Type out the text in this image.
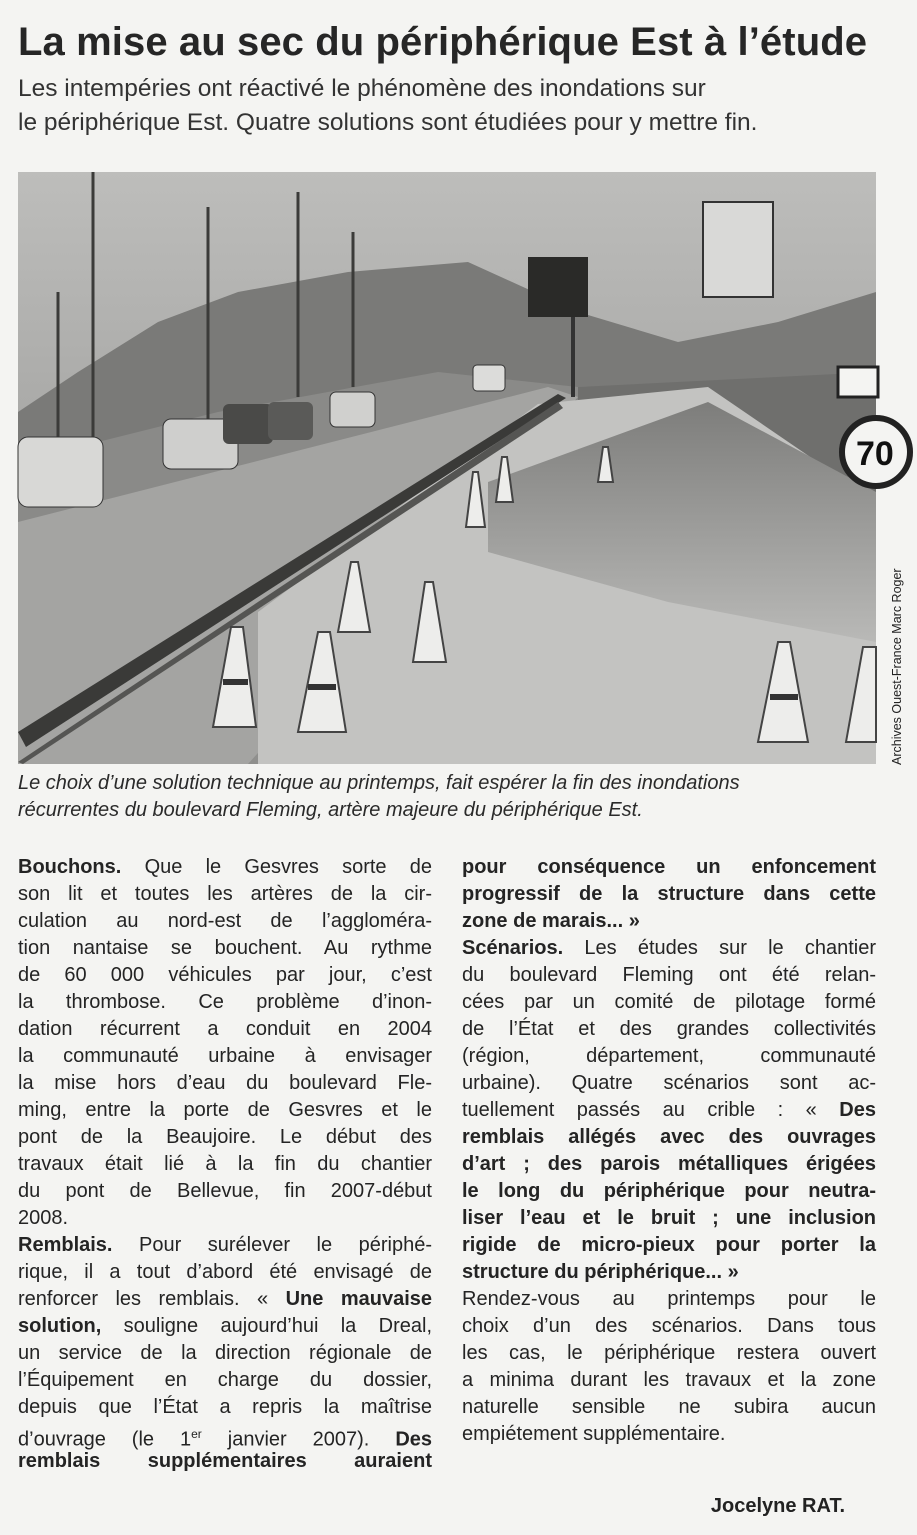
La mise au sec du périphérique Est à l’étude
Les intempéries ont réactivé le phénomène des inondations sur
le périphérique Est. Quatre solutions sont étudiées pour y mettre fin.
70
Archives Ouest-France Marc Roger
Le choix d’une solution technique au printemps, fait espérer la fin des inondations
récurrentes du boulevard Fleming, artère majeure du périphérique Est.
Bouchons. Que le Gesvres sorte de
son lit et toutes les artères de la cir-
culation au nord-est de l’aggloméra-
tion nantaise se bouchent. Au rythme
de 60 000 véhicules par jour, c’est
la thrombose. Ce problème d’inon-
dation récurrent a conduit en 2004
la communauté urbaine à envisager
la mise hors d’eau du boulevard Fle-
ming, entre la porte de Gesvres et le
pont de la Beaujoire. Le début des
travaux était lié à la fin du chantier
du pont de Bellevue, fin 2007-début
2008.
Remblais. Pour surélever le périphé-
rique, il a tout d’abord été envisagé de
renforcer les remblais. « Une mauvaise
solution, souligne aujourd’hui la Dreal,
un service de la direction régionale de
l’Équipement en charge du dossier,
depuis que l’État a repris la maîtrise
d’ouvrage (le 1er janvier 2007). Des
remblais supplémentaires auraient
pour conséquence un enfoncement
progressif de la structure dans cette
zone de marais... »
Scénarios. Les études sur le chantier
du boulevard Fleming ont été relan-
cées par un comité de pilotage formé
de l’État et des grandes collectivités
(région, département, communauté
urbaine). Quatre scénarios sont ac-
tuellement passés au crible : « Des
remblais allégés avec des ouvrages
d’art ; des parois métalliques érigées
le long du périphérique pour neutra-
liser l’eau et le bruit ; une inclusion
rigide de micro-pieux pour porter la
structure du périphérique... »
Rendez-vous au printemps pour le
choix d’un des scénarios. Dans tous
les cas, le périphérique restera ouvert
a minima durant les travaux et la zone
naturelle sensible ne subira aucun
empiétement supplémentaire.
Jocelyne RAT.
